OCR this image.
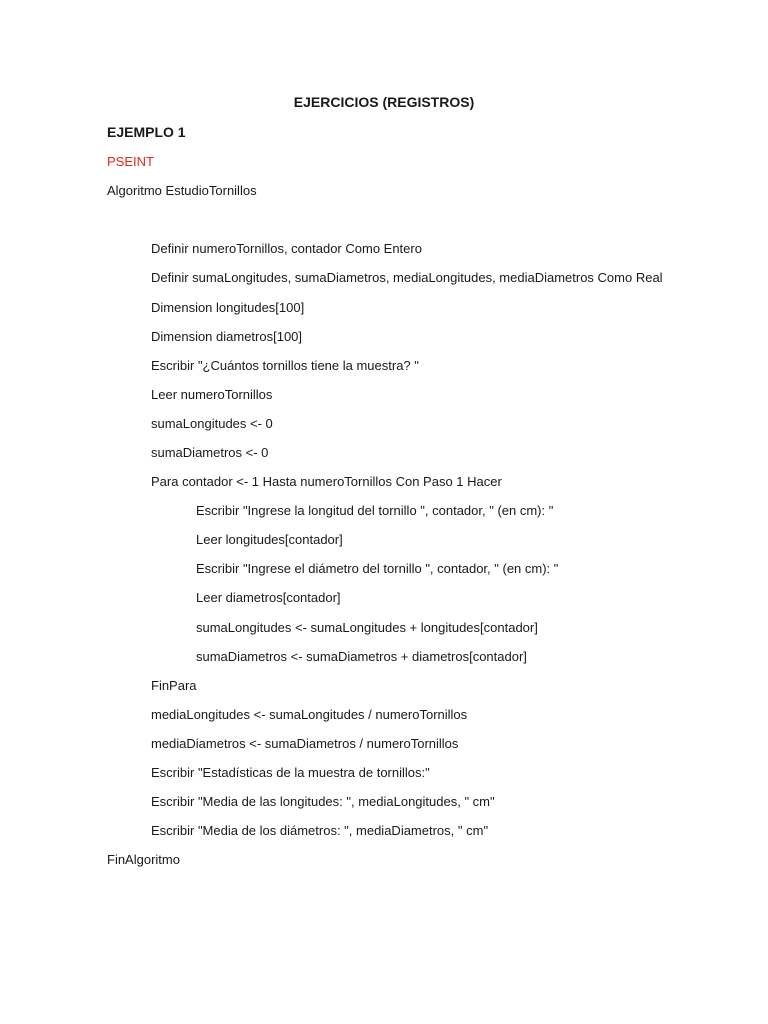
EJERCICIOS (REGISTROS)
EJEMPLO 1
PSEINT
Algoritmo EstudioTornillos
Definir numeroTornillos, contador Como Entero
Definir sumaLongitudes, sumaDiametros, mediaLongitudes, mediaDiametros Como Real
Dimension longitudes[100]
Dimension diametros[100]
Escribir "¿Cuántos tornillos tiene la muestra? "
Leer numeroTornillos
sumaLongitudes <- 0
sumaDiametros <- 0
Para contador <- 1 Hasta numeroTornillos Con Paso 1 Hacer
Escribir "Ingrese la longitud del tornillo ", contador, " (en cm): "
Leer longitudes[contador]
Escribir "Ingrese el diámetro del tornillo ", contador, " (en cm): "
Leer diametros[contador]
sumaLongitudes <- sumaLongitudes + longitudes[contador]
sumaDiametros <- sumaDiametros + diametros[contador]
FinPara
mediaLongitudes <- sumaLongitudes / numeroTornillos
mediaDiametros <- sumaDiametros / numeroTornillos
Escribir "Estadísticas de la muestra de tornillos:"
Escribir "Media de las longitudes: ", mediaLongitudes, " cm"
Escribir "Media de los diámetros: ", mediaDiametros, " cm"
FinAlgoritmo
